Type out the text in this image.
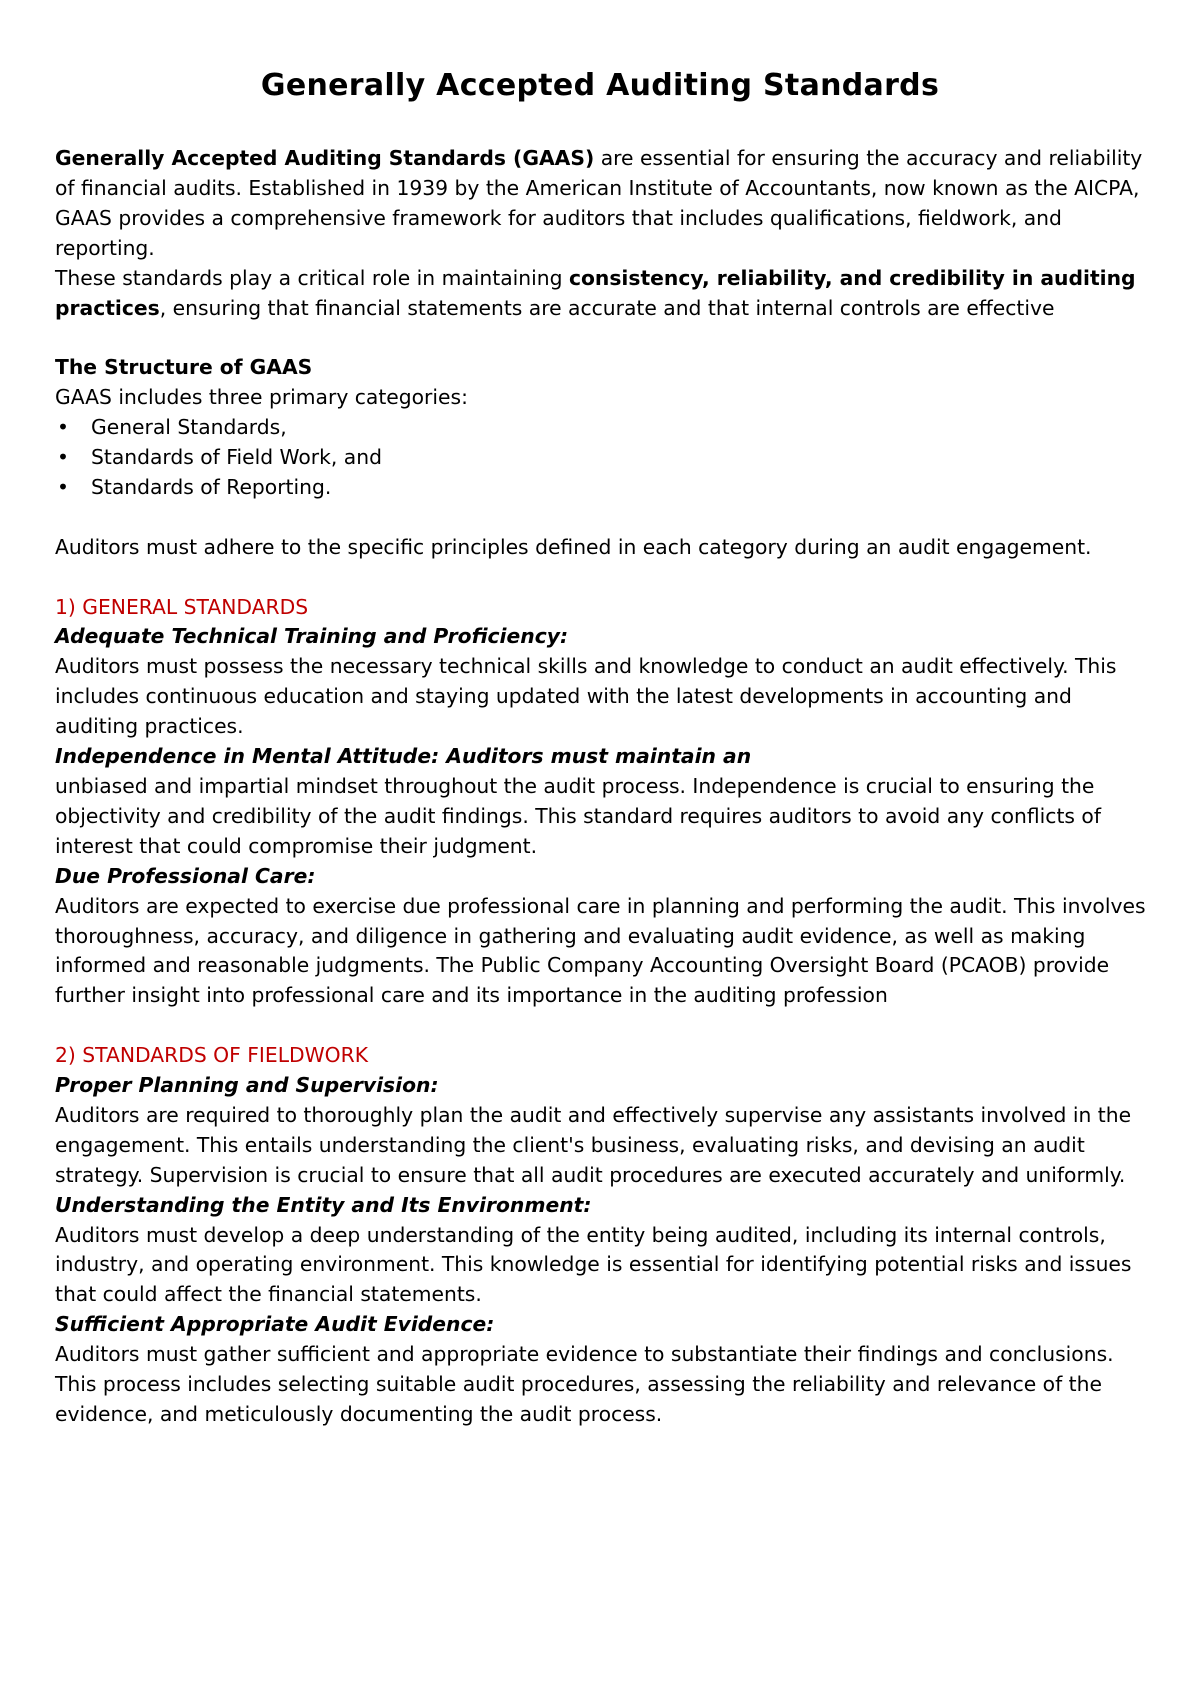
Generally Accepted Auditing Standards

Generally Accepted Auditing Standards (GAAS) are essential for ensuring the accuracy and reliability of financial audits. Established in 1939 by the American Institute of Accountants, now known as the AICPA, GAAS provides a comprehensive framework for auditors that includes qualifications, fieldwork, and reporting.

These standards play a critical role in maintaining consistency, reliability, and credibility in auditing practices, ensuring that financial statements are accurate and that internal controls are effective

The Structure of GAAS

GAAS includes three primary categories:

• General Standards,
• Standards of Field Work, and
• Standards of Reporting.

Auditors must adhere to the specific principles defined in each category during an audit engagement.

1) GENERAL STANDARDS

Adequate Technical Training and Proficiency:

Auditors must possess the necessary technical skills and knowledge to conduct an audit effectively. This includes continuous education and staying updated with the latest developments in accounting and auditing practices.

Independence in Mental Attitude: Auditors must maintain an

unbiased and impartial mindset throughout the audit process. Independence is crucial to ensuring the objectivity and credibility of the audit findings. This standard requires auditors to avoid any conflicts of interest that could compromise their judgment.

Due Professional Care:

Auditors are expected to exercise due professional care in planning and performing the audit. This involves thoroughness, accuracy, and diligence in gathering and evaluating audit evidence, as well as making informed and reasonable judgments. The Public Company Accounting Oversight Board (PCAOB) provide further insight into professional care and its importance in the auditing profession

2) STANDARDS OF FIELDWORK

Proper Planning and Supervision:

Auditors are required to thoroughly plan the audit and effectively supervise any assistants involved in the engagement. This entails understanding the client's business, evaluating risks, and devising an audit strategy. Supervision is crucial to ensure that all audit procedures are executed accurately and uniformly.

Understanding the Entity and Its Environment:

Auditors must develop a deep understanding of the entity being audited, including its internal controls, industry, and operating environment. This knowledge is essential for identifying potential risks and issues that could affect the financial statements.

Sufficient Appropriate Audit Evidence:

Auditors must gather sufficient and appropriate evidence to substantiate their findings and conclusions. This process includes selecting suitable audit procedures, assessing the reliability and relevance of the evidence, and meticulously documenting the audit process.
